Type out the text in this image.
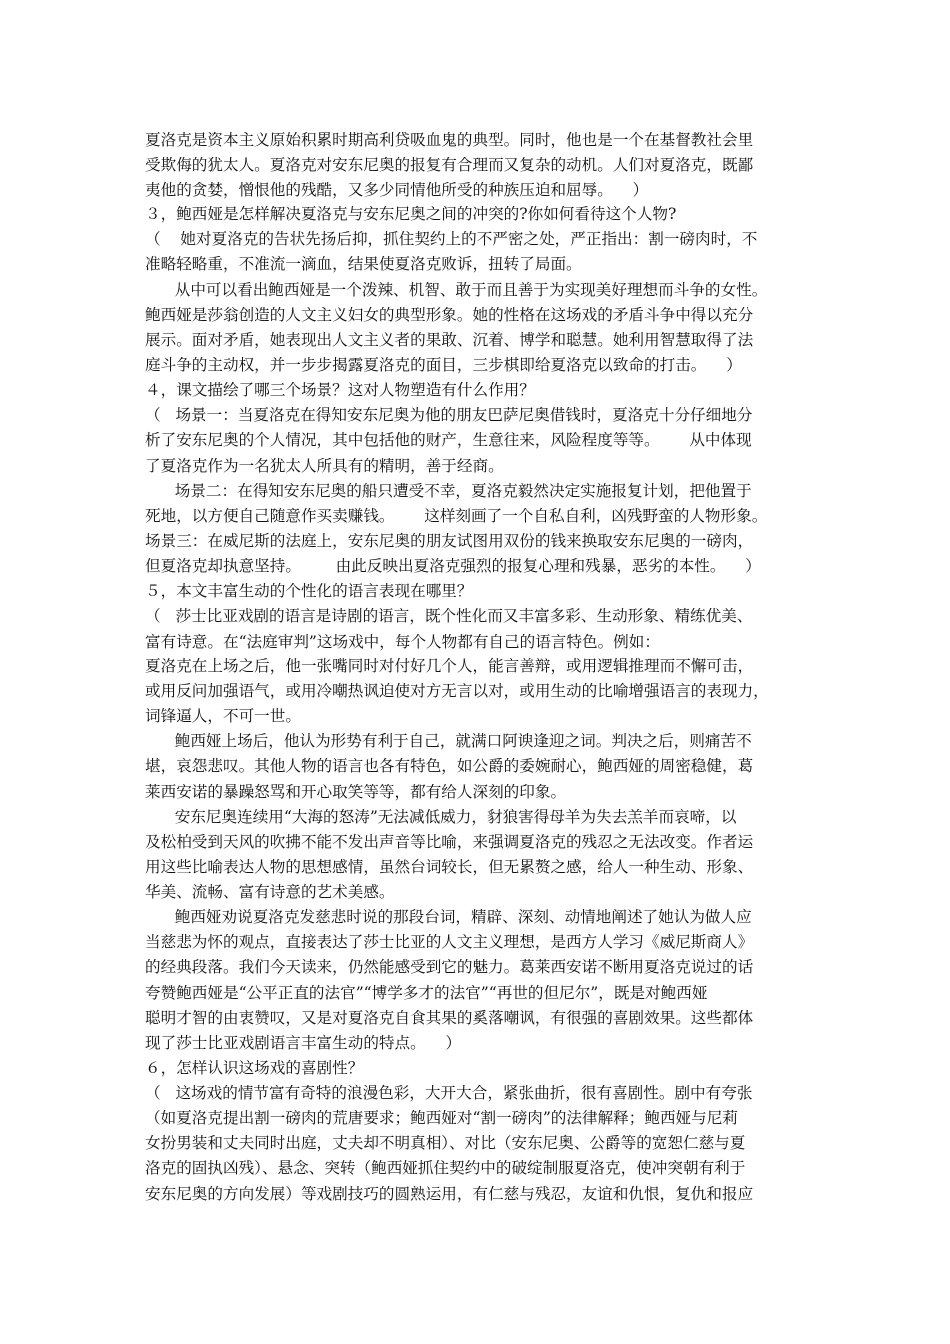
夏洛克是资本主义原始积累时期高利贷吸血鬼的典型。同时，他也是一个在基督教社会里
受欺侮的犹太人。夏洛克对安东尼奥的报复有合理而又复杂的动机。人们对夏洛克，既鄙
夷他的贪婪，憎恨他的残酷，又多少同情他所受的种族压迫和屈辱。    ）
３，鲍西娅是怎样解决夏洛克与安东尼奥之间的冲突的?你如何看待这个人物?
（    她对夏洛克的告状先扬后抑，抓住契约上的不严密之处，严正指出：割一磅肉时，不
准略轻略重，不准流一滴血，结果使夏洛克败诉，扭转了局面。
从中可以看出鲍西娅是一个泼辣、机智、敢于而且善于为实现美好理想而斗争的女性。
鲍西娅是莎翁创造的人文主义妇女的典型形象。她的性格在这场戏的矛盾斗争中得以充分
展示。面对矛盾，她表现出人文主义者的果敢、沉着、博学和聪慧。她利用智慧取得了法
庭斗争的主动权，并一步步揭露夏洛克的面目，三步棋即给夏洛克以致命的打击。    ）
４，课文描绘了哪三个场景？这对人物塑造有什么作用？
（   场景一：当夏洛克在得知安东尼奥为他的朋友巴萨尼奥借钱时，夏洛克十分仔细地分
析了安东尼奥的个人情况，其中包括他的财产，生意往来，风险程度等等。      从中体现
了夏洛克作为一名犹太人所具有的精明，善于经商。
场景二：在得知安东尼奥的船只遭受不幸，夏洛克毅然决定实施报复计划，把他置于
死地，以方便自己随意作买卖赚钱。      这样刻画了一个自私自利，凶残野蛮的人物形象。
场景三：在威尼斯的法庭上，安东尼奥的朋友试图用双份的钱来换取安东尼奥的一磅肉，
但夏洛克却执意坚持。       由此反映出夏洛克强烈的报复心理和残暴，恶劣的本性。    ）
５，本文丰富生动的个性化的语言表现在哪里？
（   莎士比亚戏剧的语言是诗剧的语言，既个性化而又丰富多彩、生动形象、精练优美、
富有诗意。在“法庭审判”这场戏中，每个人物都有自己的语言特色。例如：
夏洛克在上场之后，他一张嘴同时对付好几个人，能言善辩，或用逻辑推理而不懈可击，
或用反问加强语气，或用冷嘲热讽迫使对方无言以对，或用生动的比喻增强语言的表现力，
词锋逼人，不可一世。
鲍西娅上场后，他认为形势有利于自己，就满口阿谀逢迎之词。判决之后，则痛苦不
堪，哀怨悲叹。其他人物的语言也各有特色，如公爵的委婉耐心，鲍西娅的周密稳健，葛
莱西安诺的暴躁怒骂和开心取笑等等，都有给人深刻的印象。
安东尼奥连续用“大海的怒涛”无法减低威力，豺狼害得母羊为失去羔羊而哀啼，以
及松柏受到天风的吹拂不能不发出声音等比喻，来强调夏洛克的残忍之无法改变。作者运
用这些比喻表达人物的思想感情，虽然台词较长，但无累赘之感，给人一种生动、形象、
华美、流畅、富有诗意的艺术美感。
鲍西娅劝说夏洛克发慈悲时说的那段台词，精辟、深刻、动情地阐述了她认为做人应
当慈悲为怀的观点，直接表达了莎士比亚的人文主义理想，是西方人学习《威尼斯商人》
的经典段落。我们今天读来，仍然能感受到它的魅力。葛莱西安诺不断用夏洛克说过的话
夸赞鲍西娅是“公平正直的法官”“博学多才的法官”“再世的但尼尔”，既是对鲍西娅
聪明才智的由衷赞叹，又是对夏洛克自食其果的奚落嘲讽，有很强的喜剧效果。这些都体
现了莎士比亚戏剧语言丰富生动的特点。    ）
６，怎样认识这场戏的喜剧性？
（   这场戏的情节富有奇特的浪漫色彩，大开大合，紧张曲折，很有喜剧性。剧中有夸张
（如夏洛克提出割一磅肉的荒唐要求；鲍西娅对“割一磅肉”的法律解释；鲍西娅与尼莉
女扮男装和丈夫同时出庭，丈夫却不明真相）、对比（安东尼奥、公爵等的宽恕仁慈与夏
洛克的固执凶残）、悬念、突转（鲍西娅抓住契约中的破绽制服夏洛克，使冲突朝有利于
安东尼奥的方向发展）等戏剧技巧的圆熟运用，有仁慈与残忍，友谊和仇恨，复仇和报应
